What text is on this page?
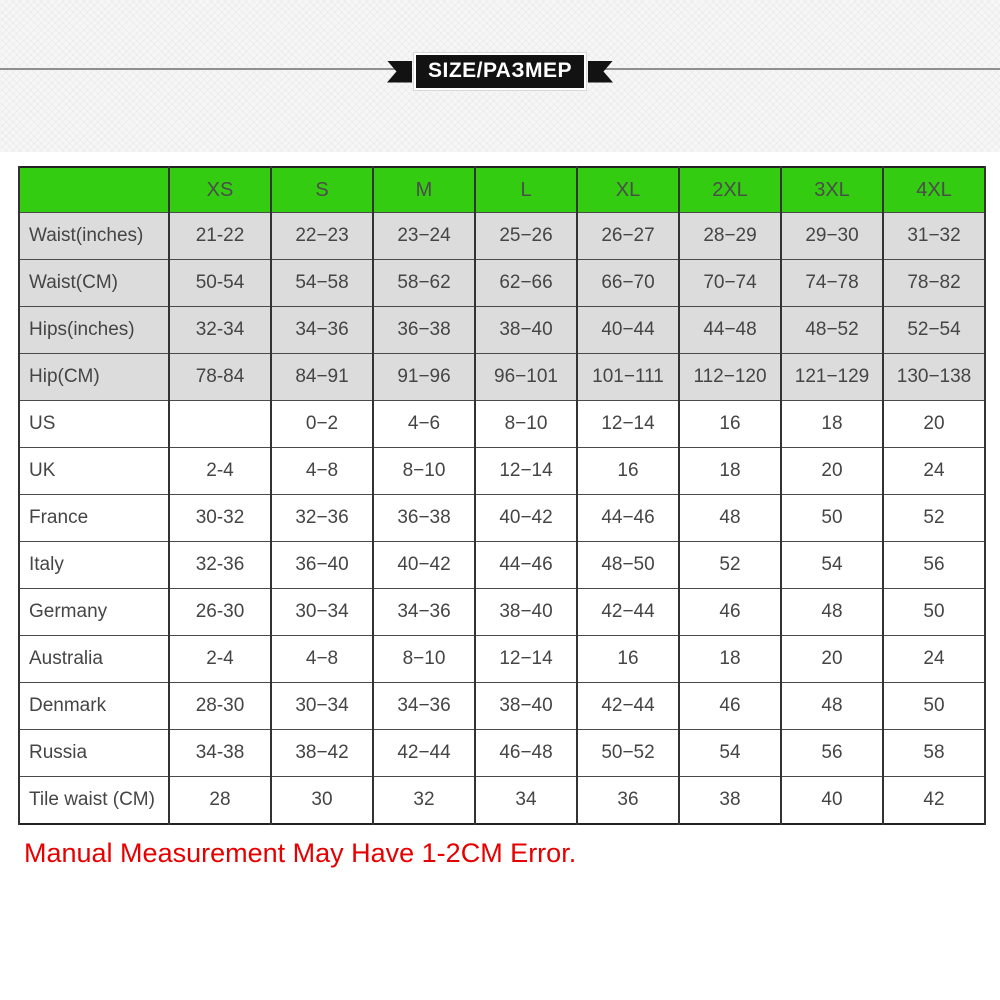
SIZE/РАЗМЕР
	XS	S	M	L	XL	2XL	3XL	4XL
Waist(inches)	21-22	22−23	23−24	25−26	26−27	28−29	29−30	31−32
Waist(CM)	50-54	54−58	58−62	62−66	66−70	70−74	74−78	78−82
Hips(inches)	32-34	34−36	36−38	38−40	40−44	44−48	48−52	52−54
Hip(CM)	78-84	84−91	91−96	96−101	101−111	112−120	121−129	130−138
US		0−2	4−6	8−10	12−14	16	18	20
UK	2-4	4−8	8−10	12−14	16	18	20	24
France	30-32	32−36	36−38	40−42	44−46	48	50	52
Italy	32-36	36−40	40−42	44−46	48−50	52	54	56
Germany	26-30	30−34	34−36	38−40	42−44	46	48	50
Australia	2-4	4−8	8−10	12−14	16	18	20	24
Denmark	28-30	30−34	34−36	38−40	42−44	46	48	50
Russia	34-38	38−42	42−44	46−48	50−52	54	56	58
Tile waist (CM)	28	30	32	34	36	38	40	42
Manual Measurement May Have 1-2CM Error.
